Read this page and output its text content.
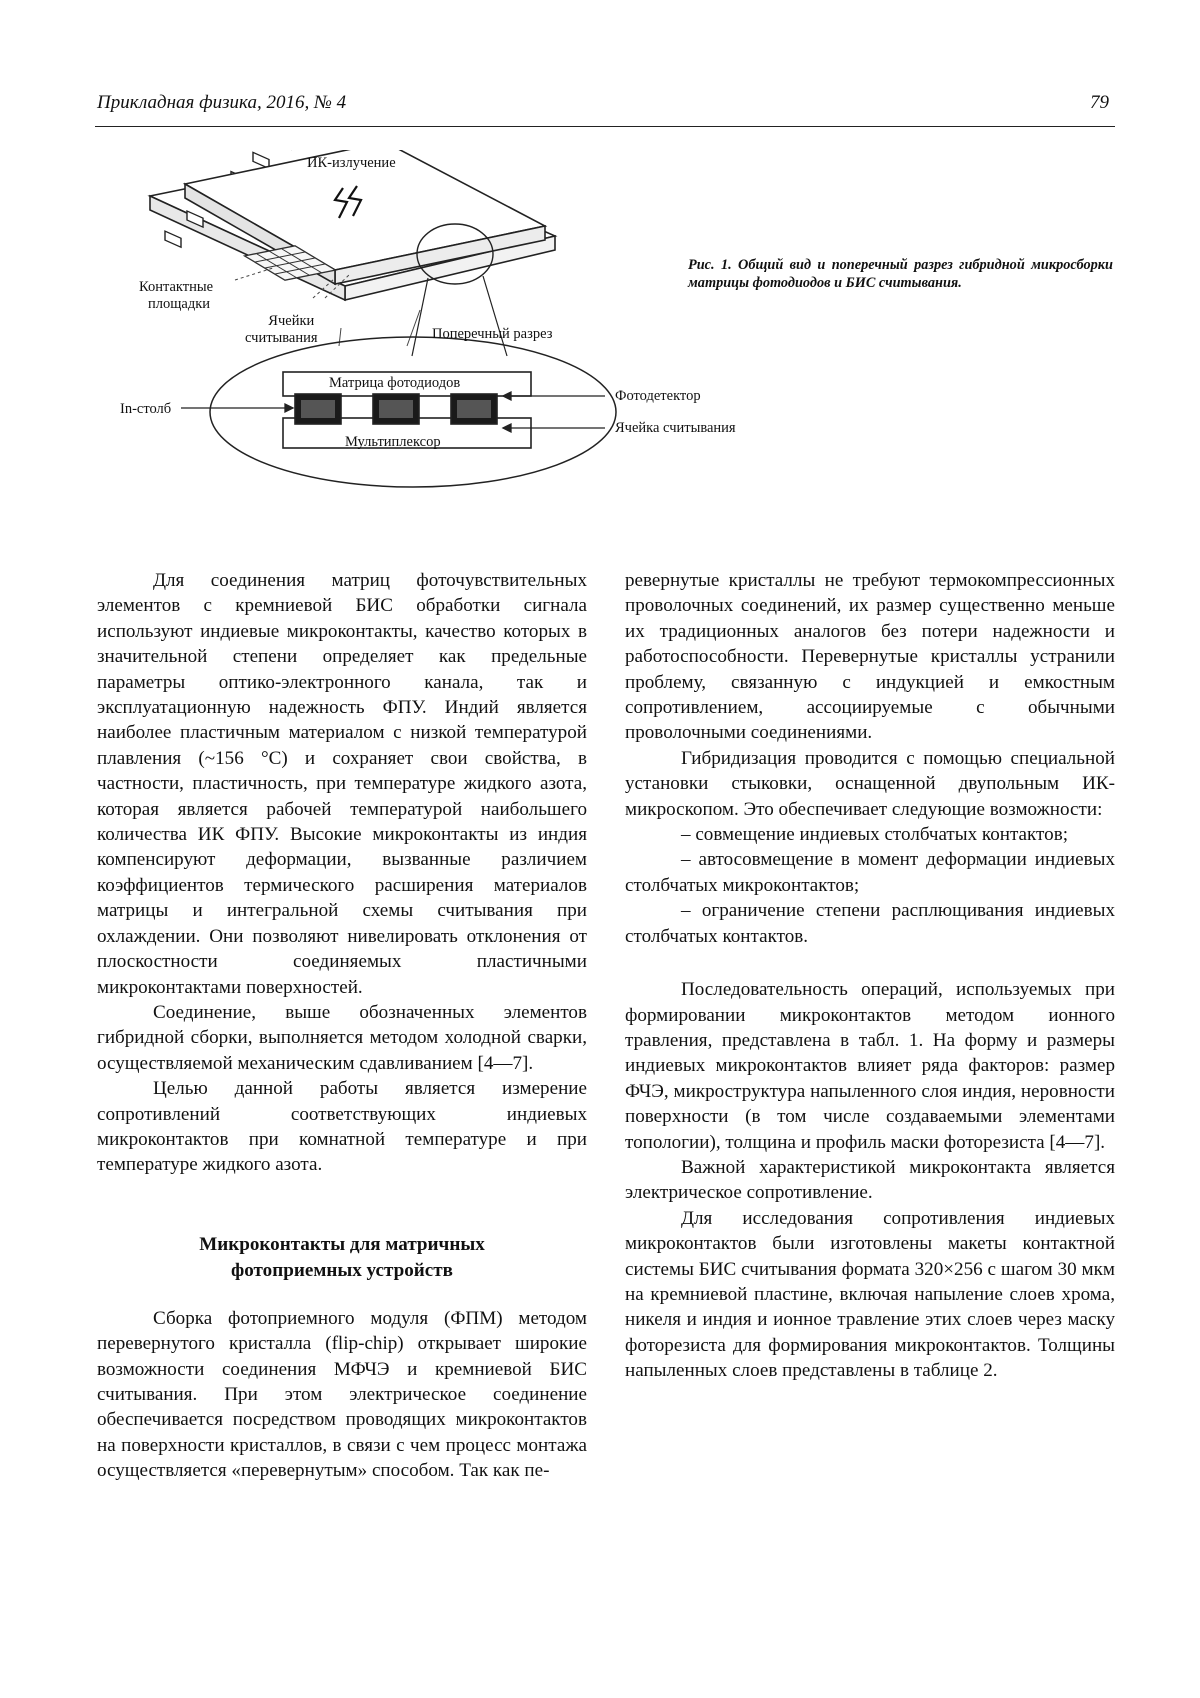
Прикладная физика, 2016, № 4	79
ИК-излучение
Контактные
площадки
Ячейки
считывания	Поперечный разрез
Матрица фотодиодов
Мультиплексор
In-столб
Фотодетектор
Ячейка считывания
Рис. 1. Общий вид и поперечный разрез гибридной микросборки матрицы фотодиодов и БИС считывания.

Для соединения матриц фоточувствительных элементов с кремниевой БИС обработки сигнала используют индиевые микроконтакты, качество которых в значительной степени определяет как предельные параметры оптико-электронного канала, так и эксплуатационную надежность ФПУ. Индий является наиболее пластичным материалом с низкой температурой плавления (~156 °С) и сохраняет свои свойства, в частности, пластичность, при температуре жидкого азота, которая является рабочей температурой наибольшего количества ИК ФПУ. Высокие микроконтакты из индия компенсируют деформации, вызванные различием коэффициентов термического расширения материалов матрицы и интегральной схемы считывания при охлаждении. Они позволяют нивелировать отклонения от плоскостности соединяемых пластичными микроконтактами поверхностей.

Соединение, выше обозначенных элементов гибридной сборки, выполняется методом холодной сварки, осуществляемой механическим сдавливанием [4—7].

Целью данной работы является измерение сопротивлений соответствующих индиевых микроконтактов при комнатной температуре и при температуре жидкого азота.

Микроконтакты для матричных
фотоприемных устройств

Сборка фотоприемного модуля (ФПМ) методом перевернутого кристалла (flip-chip) открывает широкие возможности соединения МФЧЭ и кремниевой БИС считывания. При этом электрическое соединение обеспечивается посредством проводящих микроконтактов на поверхности кристаллов, в связи с чем процесс монтажа осуществляется «перевернутым» способом. Так как пе-

ревернутые кристаллы не требуют термокомпрессионных проволочных соединений, их размер существенно меньше их традиционных аналогов без потери надежности и работоспособности. Перевернутые кристаллы устранили проблему, связанную с индукцией и емкостным сопротивлением, ассоциируемые с обычными проволочными соединениями.

Гибридизация проводится с помощью специальной установки стыковки, оснащенной двупольным ИК-микроскопом. Это обеспечивает следующие возможности:

– совмещение индиевых столбчатых контактов;

– автосовмещение в момент деформации индиевых столбчатых микроконтактов;

– ограничение степени расплющивания индиевых столбчатых контактов.

Последовательность операций, используемых при формировании микроконтактов методом ионного травления, представлена в табл. 1. На форму и размеры индиевых микроконтактов влияет ряда факторов: размер ФЧЭ, микроструктура напыленного слоя индия, неровности поверхности (в том числе создаваемыми элементами топологии), толщина и профиль маски фоторезиста [4—7].

Важной характеристикой микроконтакта является электрическое сопротивление.

Для исследования сопротивления индиевых микроконтактов были изготовлены макеты контактной системы БИС считывания формата 320×256 с шагом 30 мкм на кремниевой пластине, включая напыление слоев хрома, никеля и индия и ионное травление этих слоев через маску фоторезиста для формирования микроконтактов. Толщины напыленных слоев представлены в таблице 2.
